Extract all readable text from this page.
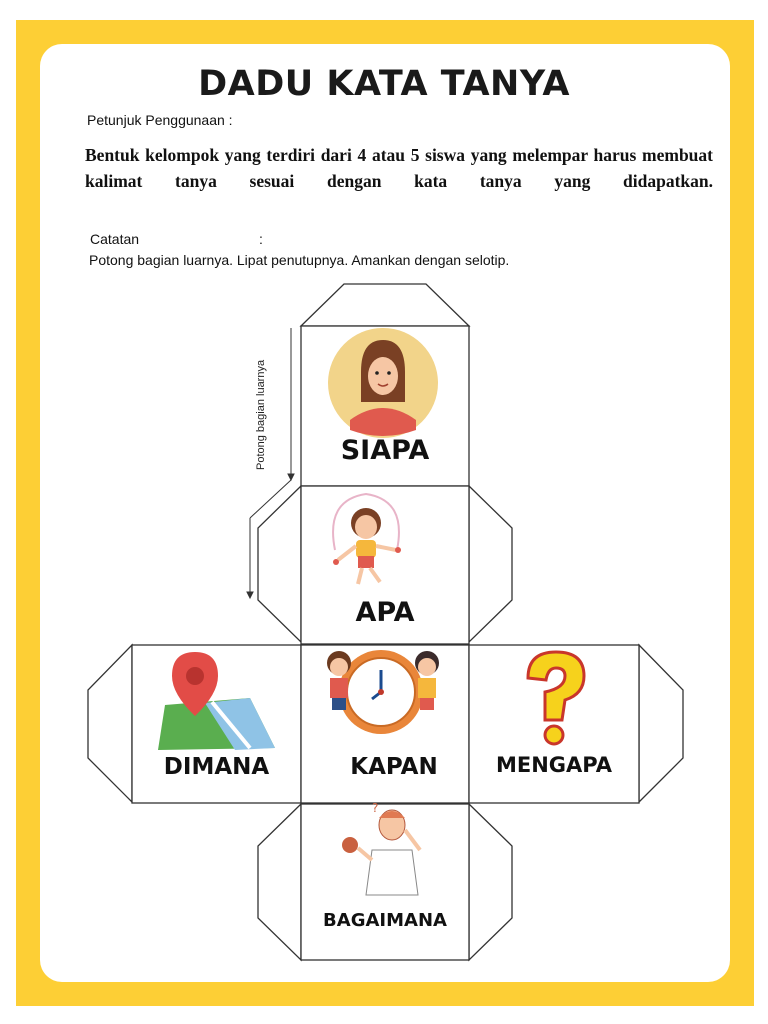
DADU KATA TANYA
Petunjuk Penggunaan :
Bentuk kelompok yang terdiri dari 4 atau 5 siswa yang melempar harus membuat kalimat tanya sesuai dengan kata tanya yang didapatkan.
Catatan	:
Potong bagian luarnya. Lipat penutupnya. Amankan dengan selotip.
?
SIAPA
APA
DIMANA	KAPAN	MENGAPA
BAGAIMANA
Potong bagian luarnya
